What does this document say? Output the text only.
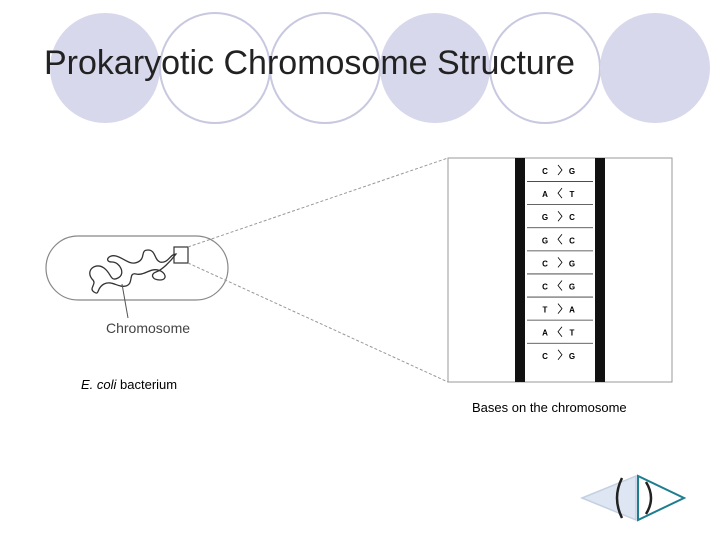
Prokaryotic Chromosome Structure
C	G
A	T
G	C
G	C
C	G
C	G
T	A
A	T
C	G
Chromosome
E. coli bacterium
Bases on the chromosome
